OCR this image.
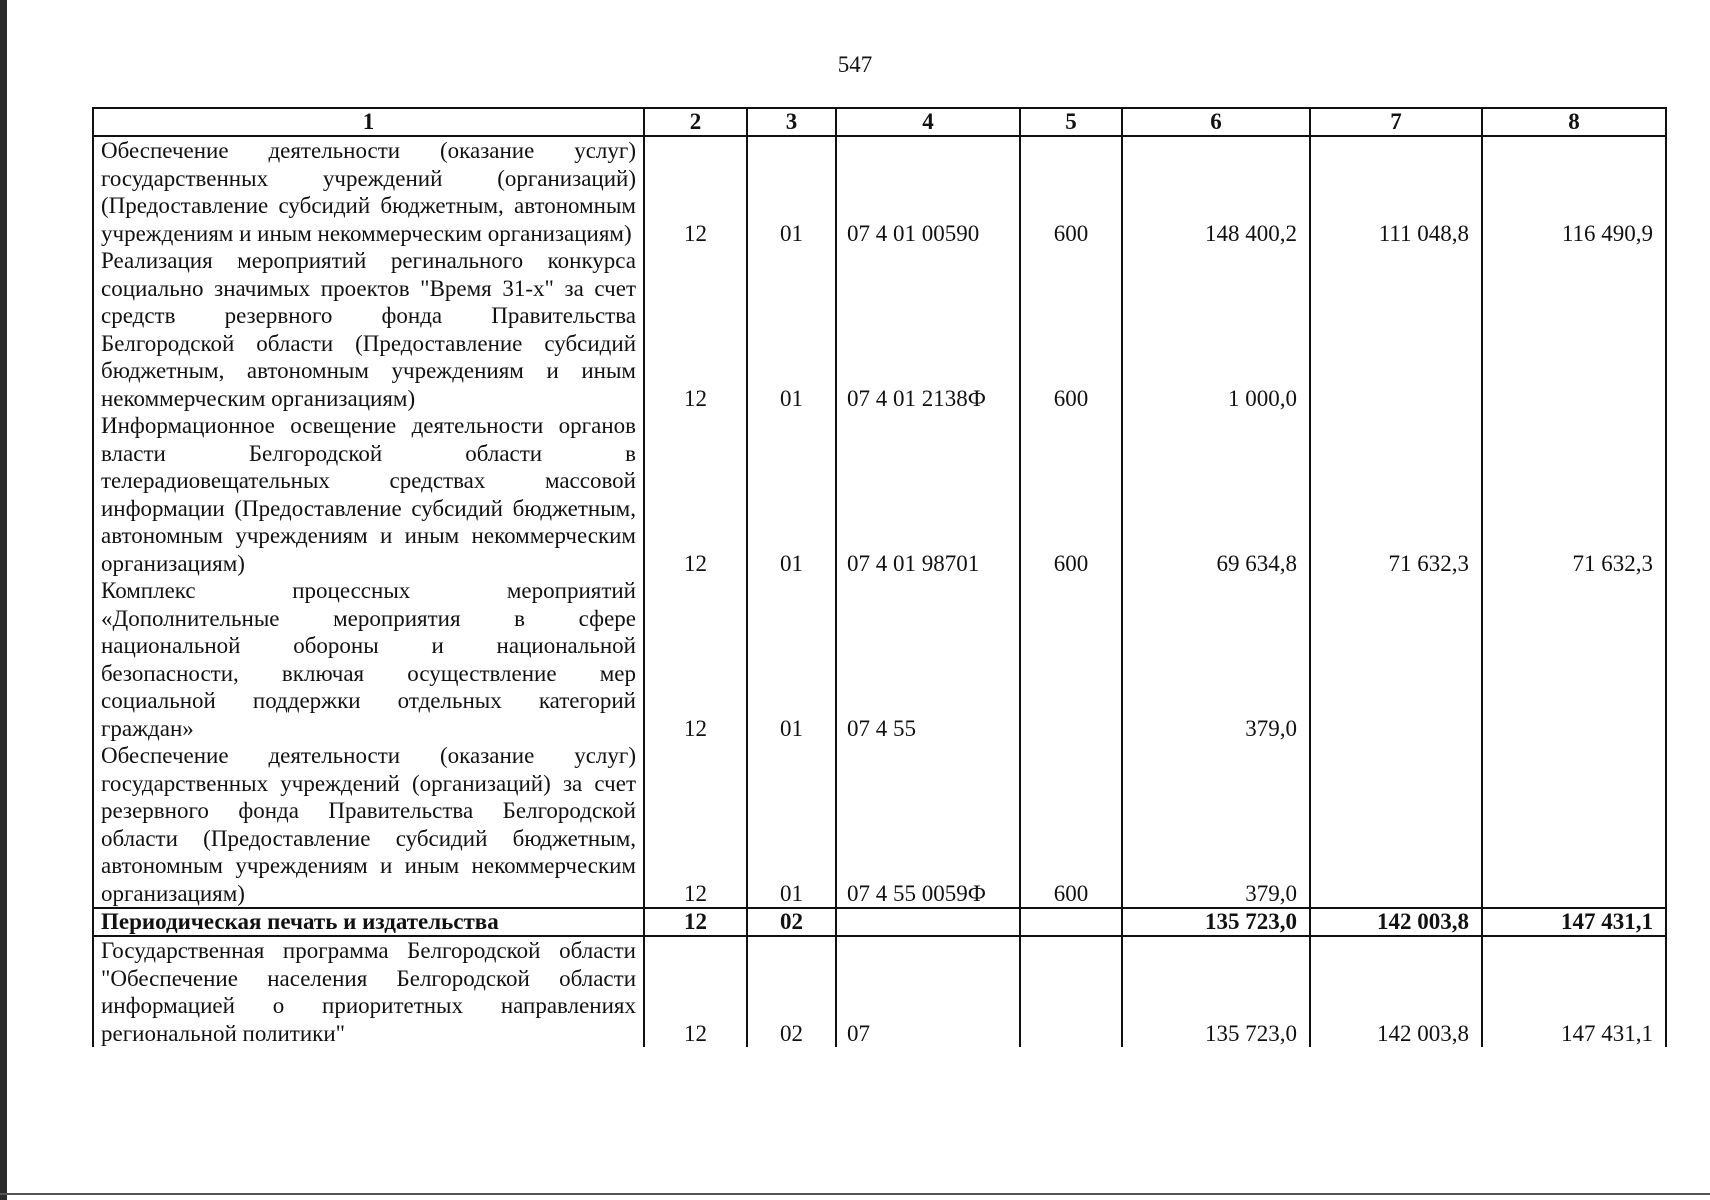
547
1	2	3	4	5	6	7	8
Обеспечение деятельности (оказание услуг) государственных учреждений (организаций) (Предоставление субсидий бюджетным, автономным учреждениям и иным некоммерческим организациям)	12	01	07 4 01 00590	600	148 400,2	111 048,8	116 490,9
Реализация мероприятий регинального конкурса социально значимых проектов "Время 31-х" за счет средств резервного фонда Правительства Белгородской области (Предоставление субсидий бюджетным, автономным учреждениям и иным некоммерческим организациям)	12	01	07 4 01 2138Ф	600	1 000,0		
Информационное освещение деятельности органов власти Белгородской области в телерадиовещательных средствах массовой информации (Предоставление субсидий бюджетным, автономным учреждениям и иным некоммерческим организациям)	12	01	07 4 01 98701	600	69 634,8	71 632,3	71 632,3
Комплекс процессных мероприятий «Дополнительные мероприятия в сфере национальной обороны и национальной безопасности, включая осуществление мер социальной поддержки отдельных категорий граждан»	12	01	07 4 55		379,0		
Обеспечение деятельности (оказание услуг) государственных учреждений (организаций) за счет резервного фонда Правительства Белгородской области (Предоставление субсидий бюджетным, автономным учреждениям и иным некоммерческим организациям)	12	01	07 4 55 0059Ф	600	379,0		
Периодическая печать и издательства	12	02			135 723,0	142 003,8	147 431,1
Государственная программа Белгородской области "Обеспечение населения Белгородской области информацией о приоритетных направлениях региональной политики"	12	02	07		135 723,0	142 003,8	147 431,1
